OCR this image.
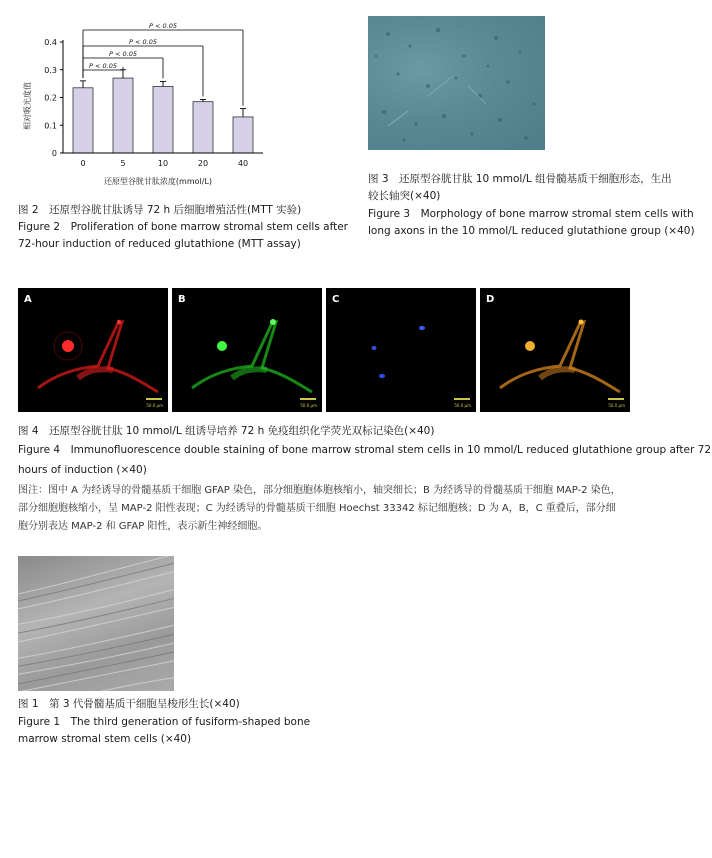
0
0.1
0.2
0.3
0.4
0	5	10	20	40
P < 0.05
P < 0.05
P < 0.05
P < 0.05
相对吸光度值
还原型谷胱甘肽浓度(mmol/L)
图 2　还原型谷胱甘肽诱导 72 h 后细胞增殖活性(MTT 实验)
Figure 2　Proliferation of bone marrow stromal stem cells after
72-hour induction of reduced glutathione (MTT assay)
图 3　还原型谷胱甘肽 10 mmol/L 组骨髓基质干细胞形态，生出
较长轴突(×40)
Figure 3　Morphology of bone marrow stromal stem cells with
long axons in the 10 mmol/L reduced glutathione group (×40)
A
50.0 μm
B
50.0 μm
C
50.0 μm
D
50.0 μm
图 4　还原型谷胱甘肽 10 mmol/L 组诱导培养 72 h 免疫组织化学荧光双标记染色(×40)
Figure 4　Immunofluorescence double staining of bone marrow stromal stem cells in 10 mmol/L reduced glutathione group after 72
hours of induction (×40)
图注：图中 A 为经诱导的骨髓基质干细胞 GFAP 染色，部分细胞胞体胞核缩小，轴突细长；B 为经诱导的骨髓基质干细胞 MAP-2 染色，
部分细胞胞核缩小，呈 MAP-2 阳性表现；C 为经诱导的骨髓基质干细胞 Hoechst 33342 标记细胞核；D 为 A，B，C 重叠后，部分细
胞分别表达 MAP-2 和 GFAP 阳性，表示新生神经细胞。
图 1　第 3 代骨髓基质干细胞呈梭形生长(×40)
Figure 1　The third generation of fusiform-shaped bone
marrow stromal stem cells (×40)
